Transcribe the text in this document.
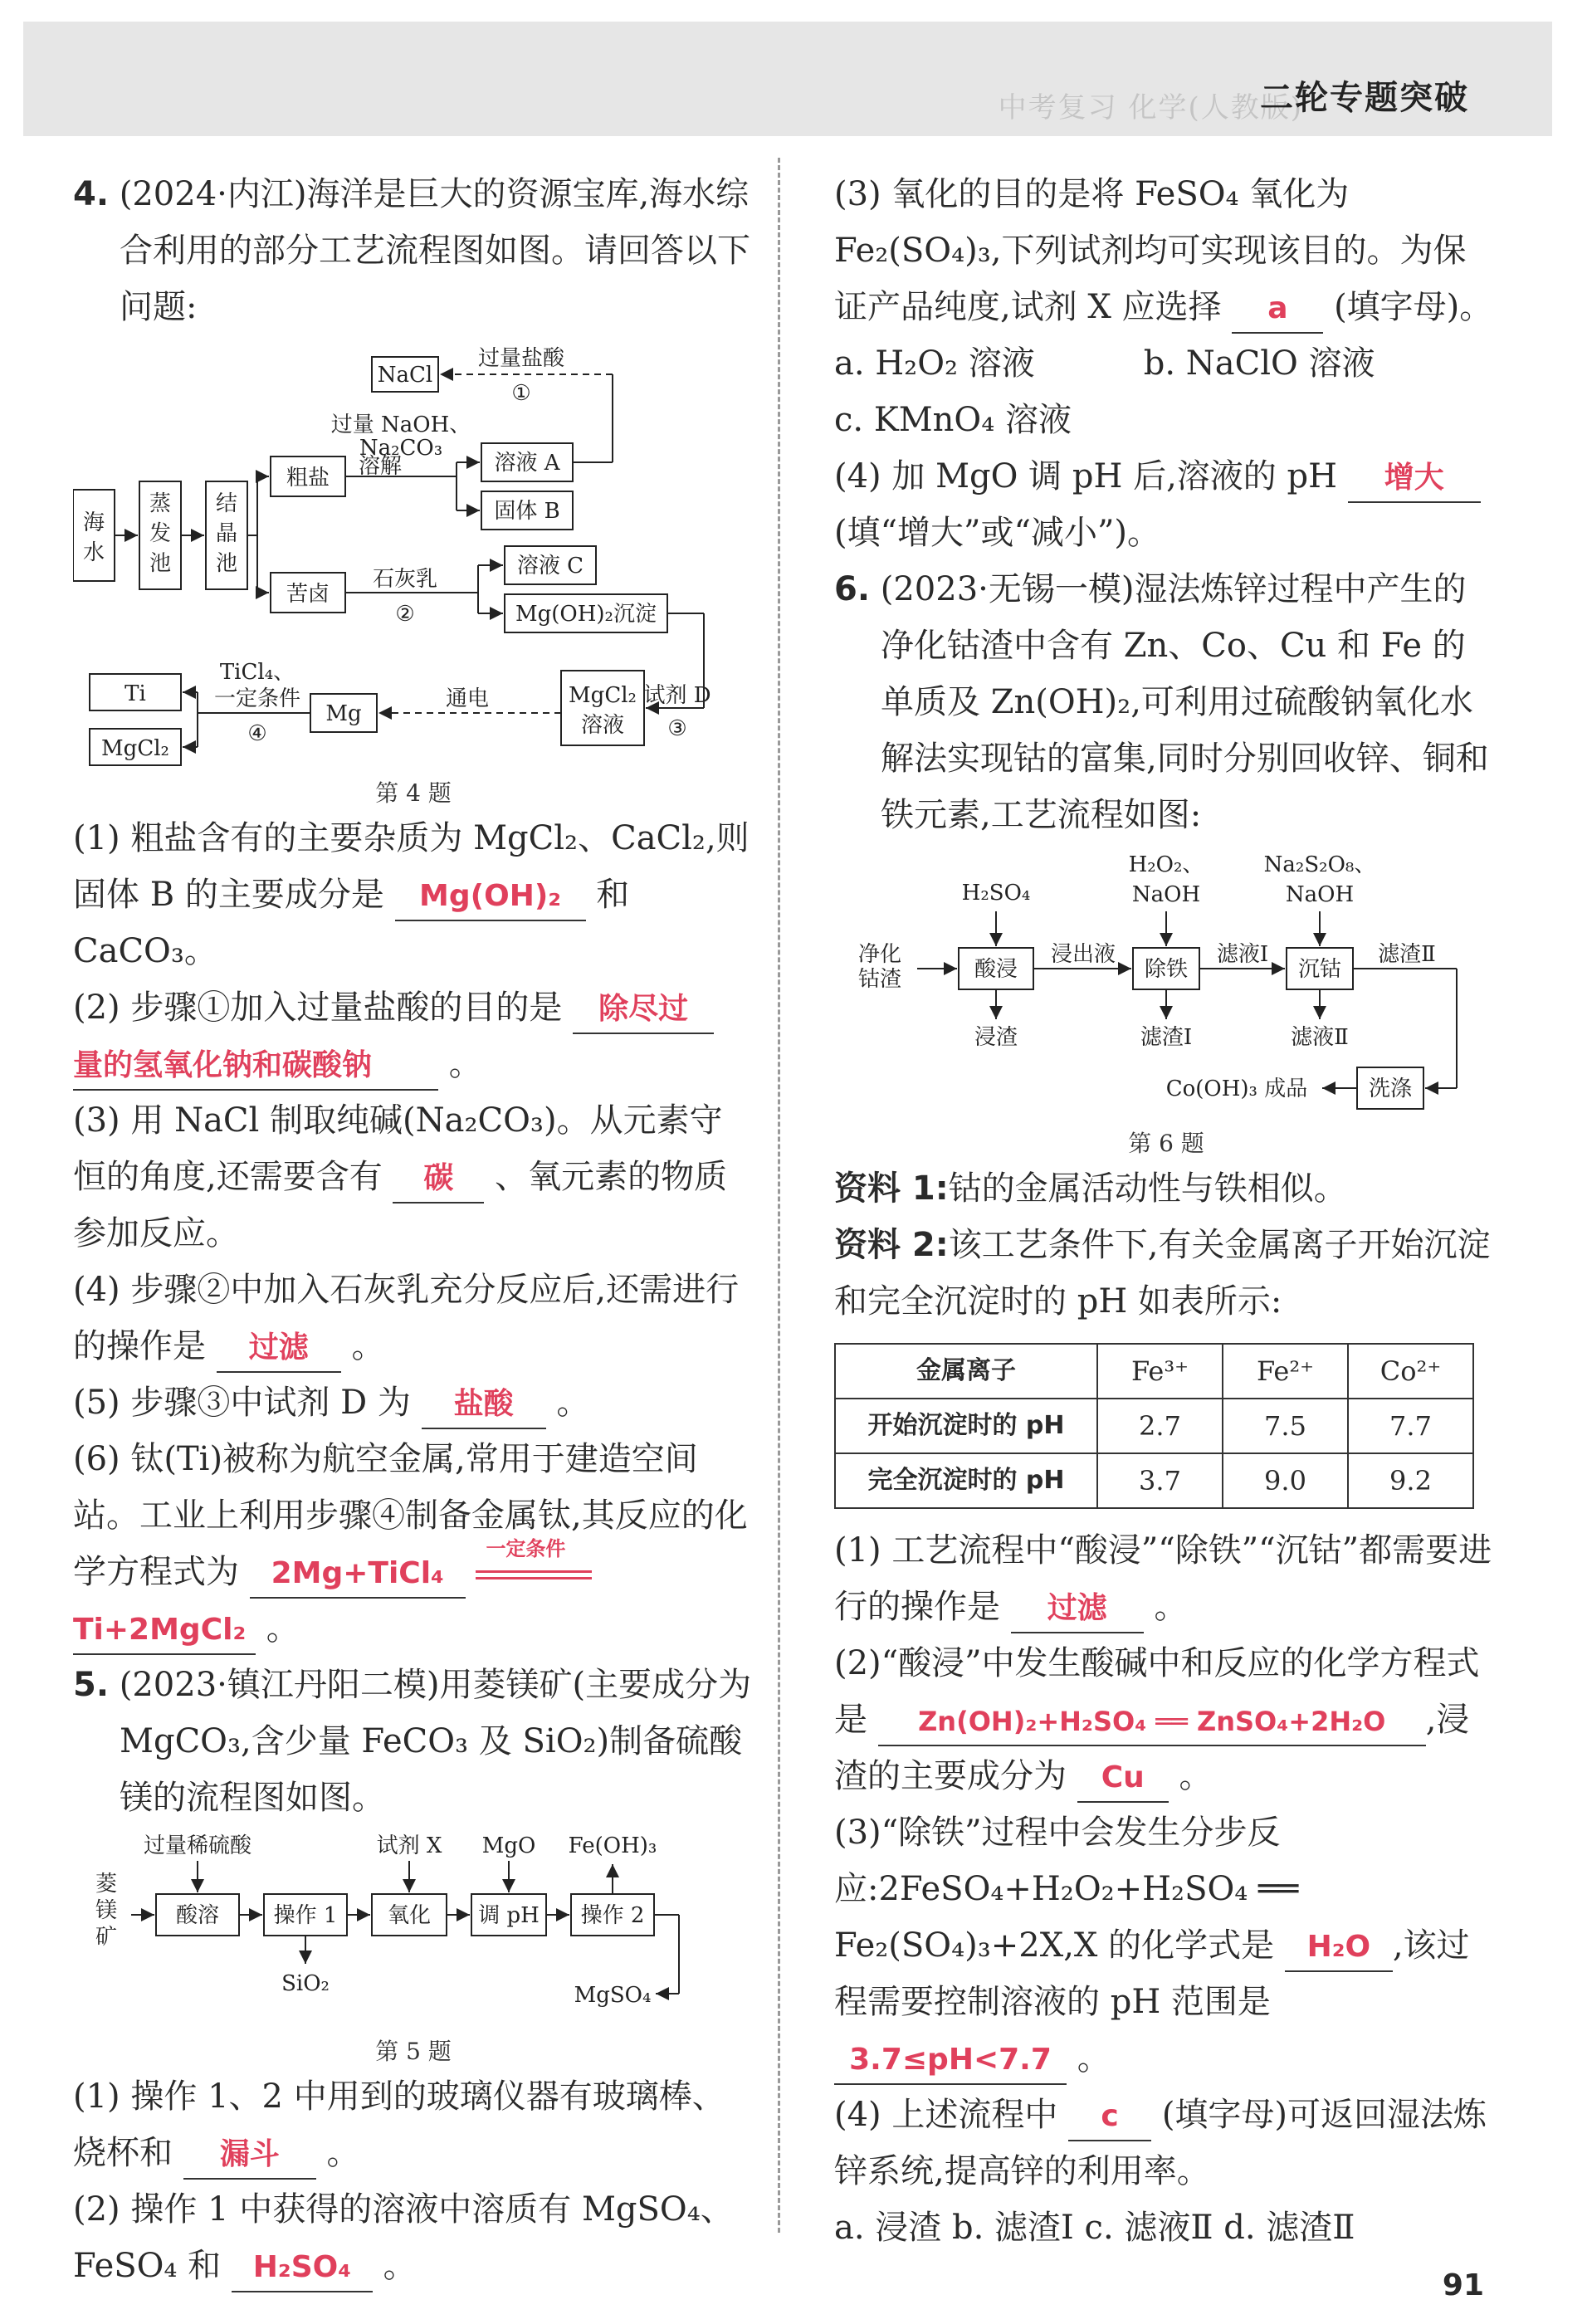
中考复习 化学(人教版)
二轮专题突破

4. (2024·内江)海洋是巨大的资源宝库,海水综合利用的部分工艺流程图如图。请回答以下问题:

海
水
蒸发池
结晶池
粗盐
苦卤
溶液 A
固体 B
NaCl
过量盐酸
①
过量 NaOH、
Na₂CO₃
溶解
溶液 C
Mg(OH)₂沉淀
石灰乳
②
MgCl₂
溶液
试剂 D
③
Mg
通电
TiCl₄、
一定条件
④
Ti
MgCl₂

第 4 题

(1) 粗盐含有的主要杂质为 MgCl₂、CaCl₂,则固体 B 的主要成分是 Mg(OH)₂ 和 CaCO₃。

(2) 步骤①加入过量盐酸的目的是 除尽过
量的氢氧化钠和碳酸钠 。

(3) 用 NaCl 制取纯碱(Na₂CO₃)。从元素守恒的角度,还需要含有 碳 、氧元素的物质参加反应。

(4) 步骤②中加入石灰乳充分反应后,还需进行的操作是 过滤 。

(5) 步骤③中试剂 D 为 盐酸 。

(6) 钛(Ti)被称为航空金属,常用于建造空间站。工业上利用步骤④制备金属钛,其反应的化学方程式为 2Mg+TiCl₄
一定条件

Ti+2MgCl₂ 。

5. (2023·镇江丹阳二模)用菱镁矿(主要成分为 MgCO₃,含少量 FeCO₃ 及 SiO₂)制备硫酸镁的流程图如图。

菱镁矿
过量稀硫酸
酸溶	操作 1
SiO₂
试剂 X
氧化
MgO
调 pH
Fe(OH)₃
操作 2
MgSO₄

第 5 题

(1) 操作 1、2 中用到的玻璃仪器有玻璃棒、烧杯和 漏斗 。

(2) 操作 1 中获得的溶液中溶质有 MgSO₄、FeSO₄ 和 H₂SO₄ 。

(3) 氧化的目的是将 FeSO₄ 氧化为 Fe₂(SO₄)₃,下列试剂均可实现该目的。为保证产品纯度,试剂 X 应选择 a (填字母)。

a. H₂O₂ 溶液	b. NaClO 溶液

c. KMnO₄ 溶液

(4) 加 MgO 调 pH 后,溶液的 pH 增大 (填“增大”或“减小”)。

6. (2023·无锡一模)湿法炼锌过程中产生的净化钴渣中含有 Zn、Co、Cu 和 Fe 的单质及 Zn(OH)₂,可利用过硫酸钠氧化水解法实现钴的富集,同时分别回收锌、铜和铁元素,工艺流程如图:

净化
钴渣
H₂SO₄
酸浸
浸出液
H₂O₂、
NaOH
除铁
滤液Ⅰ
Na₂S₂O₈、
NaOH
沉钴
滤渣Ⅱ
浸渣	滤渣Ⅰ	滤液Ⅱ
洗涤
Co(OH)₃ 成品

第 6 题

资料 1:钴的金属活动性与铁相似。

资料 2:该工艺条件下,有关金属离子开始沉淀和完全沉淀时的 pH 如表所示:

金属离子	Fe³⁺	Fe²⁺	Co²⁺
开始沉淀时的 pH	2.7	7.5	7.7
完全沉淀时的 pH	3.7	9.0	9.2

(1) 工艺流程中“酸浸”“除铁”“沉钴”都需要进行的操作是 过滤 。

(2)“酸浸”中发生酸碱中和反应的化学方程式是 Zn(OH)₂+H₂SO₄ ══ ZnSO₄+2H₂O ,浸渣的主要成分为 Cu 。

(3)“除铁”过程中会发生分步反应:2FeSO₄+H₂O₂+H₂SO₄ ══ Fe₂(SO₄)₃+2X,X 的化学式是 H₂O ,该过程需要控制溶液的 pH 范围是 3.7≤pH<7.7 。

(4) 上述流程中 c (填字母)可返回湿法炼锌系统,提高锌的利用率。

a. 浸渣 b. 滤渣Ⅰ c. 滤液Ⅱ d. 滤渣Ⅱ

91
